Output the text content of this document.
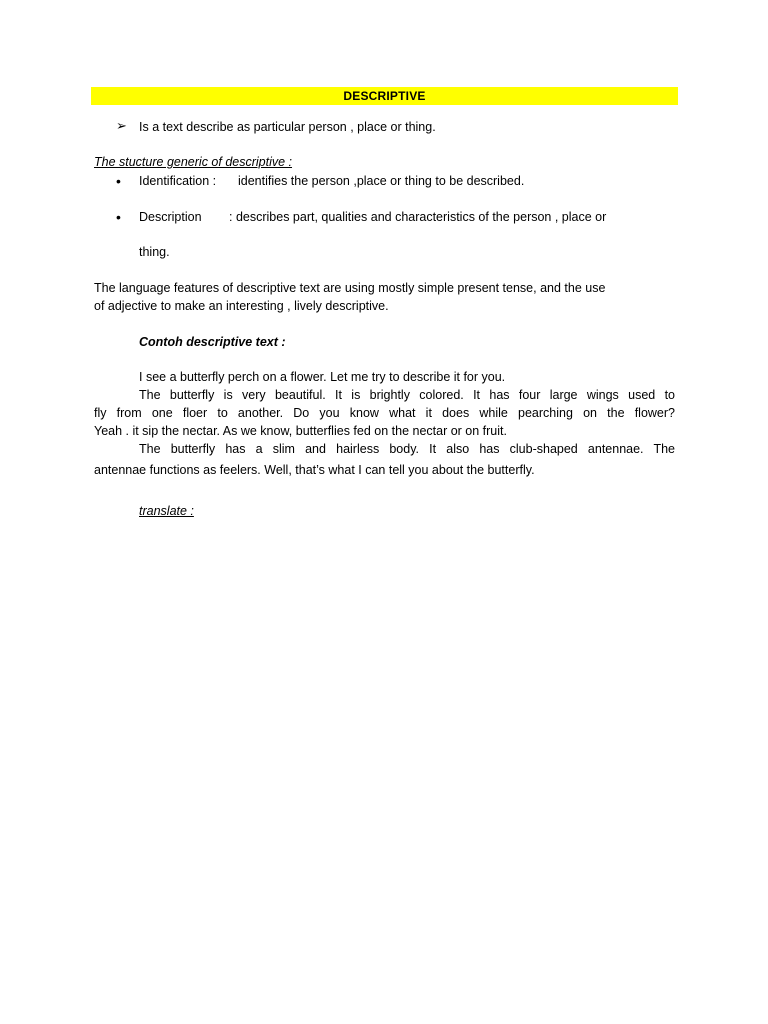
DESCRIPTIVE
➢ Is a text describe as particular person , place or thing.
The stucture generic of descriptive :
• Identification : identifies the person ,place or thing to be described.
• Description : describes part, qualities and characteristics of the person , place or
thing.
The language features of descriptive text are using mostly simple present tense, and the use
of adjective to make an interesting , lively descriptive.
Contoh descriptive text :
I see a butterfly perch on a flower. Let me try to describe it for you.
The butterfly is very beautiful. It is brightly colored. It has four large wings used to
fly from one floer to another. Do you know what it does while pearching on the flower?
Yeah . it sip the nectar. As we know, butterflies fed on the nectar or on fruit.
The butterfly has a slim and hairless body. It also has club-shaped antennae. The
antennae functions as feelers. Well, that’s what I can tell you about the butterfly.
translate :
